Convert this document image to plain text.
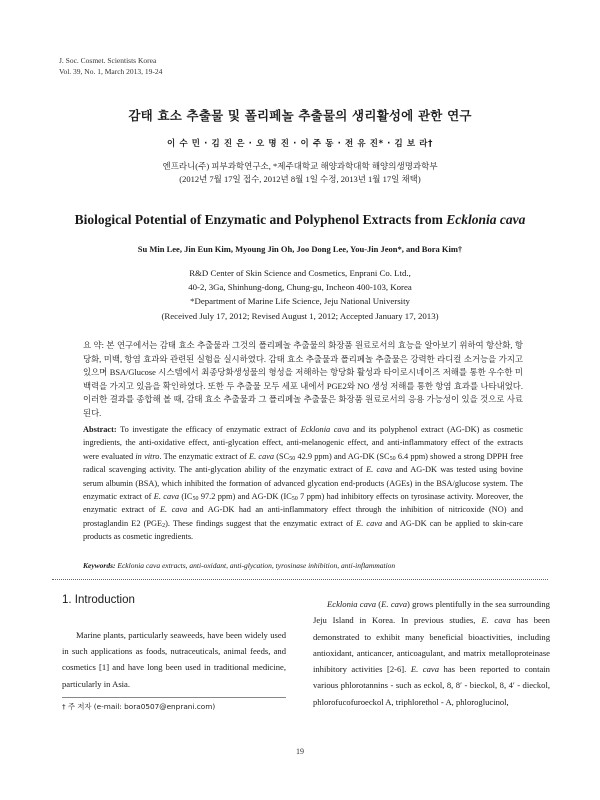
J. Soc. Cosmet. Scientists Korea
Vol. 39, No. 1, March 2013, 19-24
감태 효소 추출물 및 폴리페놀 추출물의 생리활성에 관한 연구
이 수 민 · 김 진 은 · 오 명 진 · 이 주 동 · 전 유 진* · 김 보 라†
엔프라니(주) 피부과학연구소, *제주대학교 해양과학대학 해양의생명과학부
(2012년 7월 17일 접수, 2012년 8월 1일 수정, 2013년 1월 17일 채택)
Biological Potential of Enzymatic and Polyphenol Extracts from Ecklonia cava
Su Min Lee, Jin Eun Kim, Myoung Jin Oh, Joo Dong Lee, You-Jin Jeon*, and Bora Kim†
R&D Center of Skin Science and Cosmetics, Enprani Co. Ltd.,
40-2, 3Ga, Shinhung-dong, Chung-gu, Incheon 400-103, Korea
*Department of Marine Life Science, Jeju National University
(Received July 17, 2012; Revised August 1, 2012; Accepted January 17, 2013)
요 약: 본 연구에서는 감태 효소 추출물과 그것의 폴리페놀 추출물의 화장품 원료로서의 효능을 알아보기 위하여 항산화, 항당화, 미백, 항염 효과와 관련된 실험을 실시하였다. 감태 효소 추출물과 폴리페놀 추출물은 강력한 라디컬 소거능을 가지고 있으며 BSA/Glucose 시스템에서 최종당화생성물의 형성을 저해하는 항당화 활성과 타이로시네이즈 저해를 통한 우수한 미백력을 가지고 있음을 확인하였다. 또한 두 추출물 모두 세포 내에서 PGE2와 NO 생성 저해를 통한 항염 효과를 나타내었다. 이러한 결과를 종합해 볼 때, 감태 효소 추출물과 그 폴리페놀 추출물은 화장품 원료로서의 응용 가능성이 있을 것으로 사료된다.
Abstract: To investigate the efficacy of enzymatic extract of Ecklonia cava and its polyphenol extract (AG-DK) as cosmetic ingredients, the anti-oxidative effect, anti-glycation effect, anti-melanogenic effect, and anti-inflammatory effect of the extracts were evaluated in vitro. The enzymatic extract of E. cava ($SC_{50}$ 42.9 ppm) and AG-DK ($SC_{50}$ 6.4 ppm) showed a strong DPPH free radical scavenging activity. The anti-glycation ability of the enzymatic extract of E. cava and AG-DK was tested using bovine serum albumin (BSA), which inhibited the formation of advanced glycation end-products (AGEs) in the BSA/glucose system. The enzymatic extract of E. cava ($IC_{50}$ 97.2 ppm) and AG-DK ($IC_{50}$ 7 ppm) had inhibitory effects on tyrosinase activity. Moreover, the enzymatic extract of E. cava and AG-DK had an anti-inflammatory effect through the inhibition of nitricoxide (NO) and prostaglandin E2 $(PGE_2)$. These findings suggest that the enzymatic extract of E. cava and AG-DK can be applied to skin-care products as cosmetic ingredients.
Keywords: Ecklonia cava extracts, anti-oxidant, anti-glycation, tyrosinase inhibition, anti-inflammation
1. Introduction
Marine plants, particularly seaweeds, have been widely used in such applications as foods, nutraceuticals, animal feeds, and cosmetics [1] and have long been used in traditional medicine, particularly in Asia.
† 주 저자 (e-mail: bora0507@enprani.com)
Ecklonia cava (E. cava) grows plentifully in the sea surrounding Jeju Island in Korea. In previous studies, E. cava has been demonstrated to exhibit many beneficial bioactivities, including antioxidant, anticancer, anticoagulant, and matrix metalloproteinase inhibitory activities [2-6]. E. cava has been reported to contain various phlorotannins - such as eckol, 8, 8′ - bieckol, 8, 4′ - dieckol, phlorofucofuroeckol A, triphlorethol - A, phloroglucinol,
19
